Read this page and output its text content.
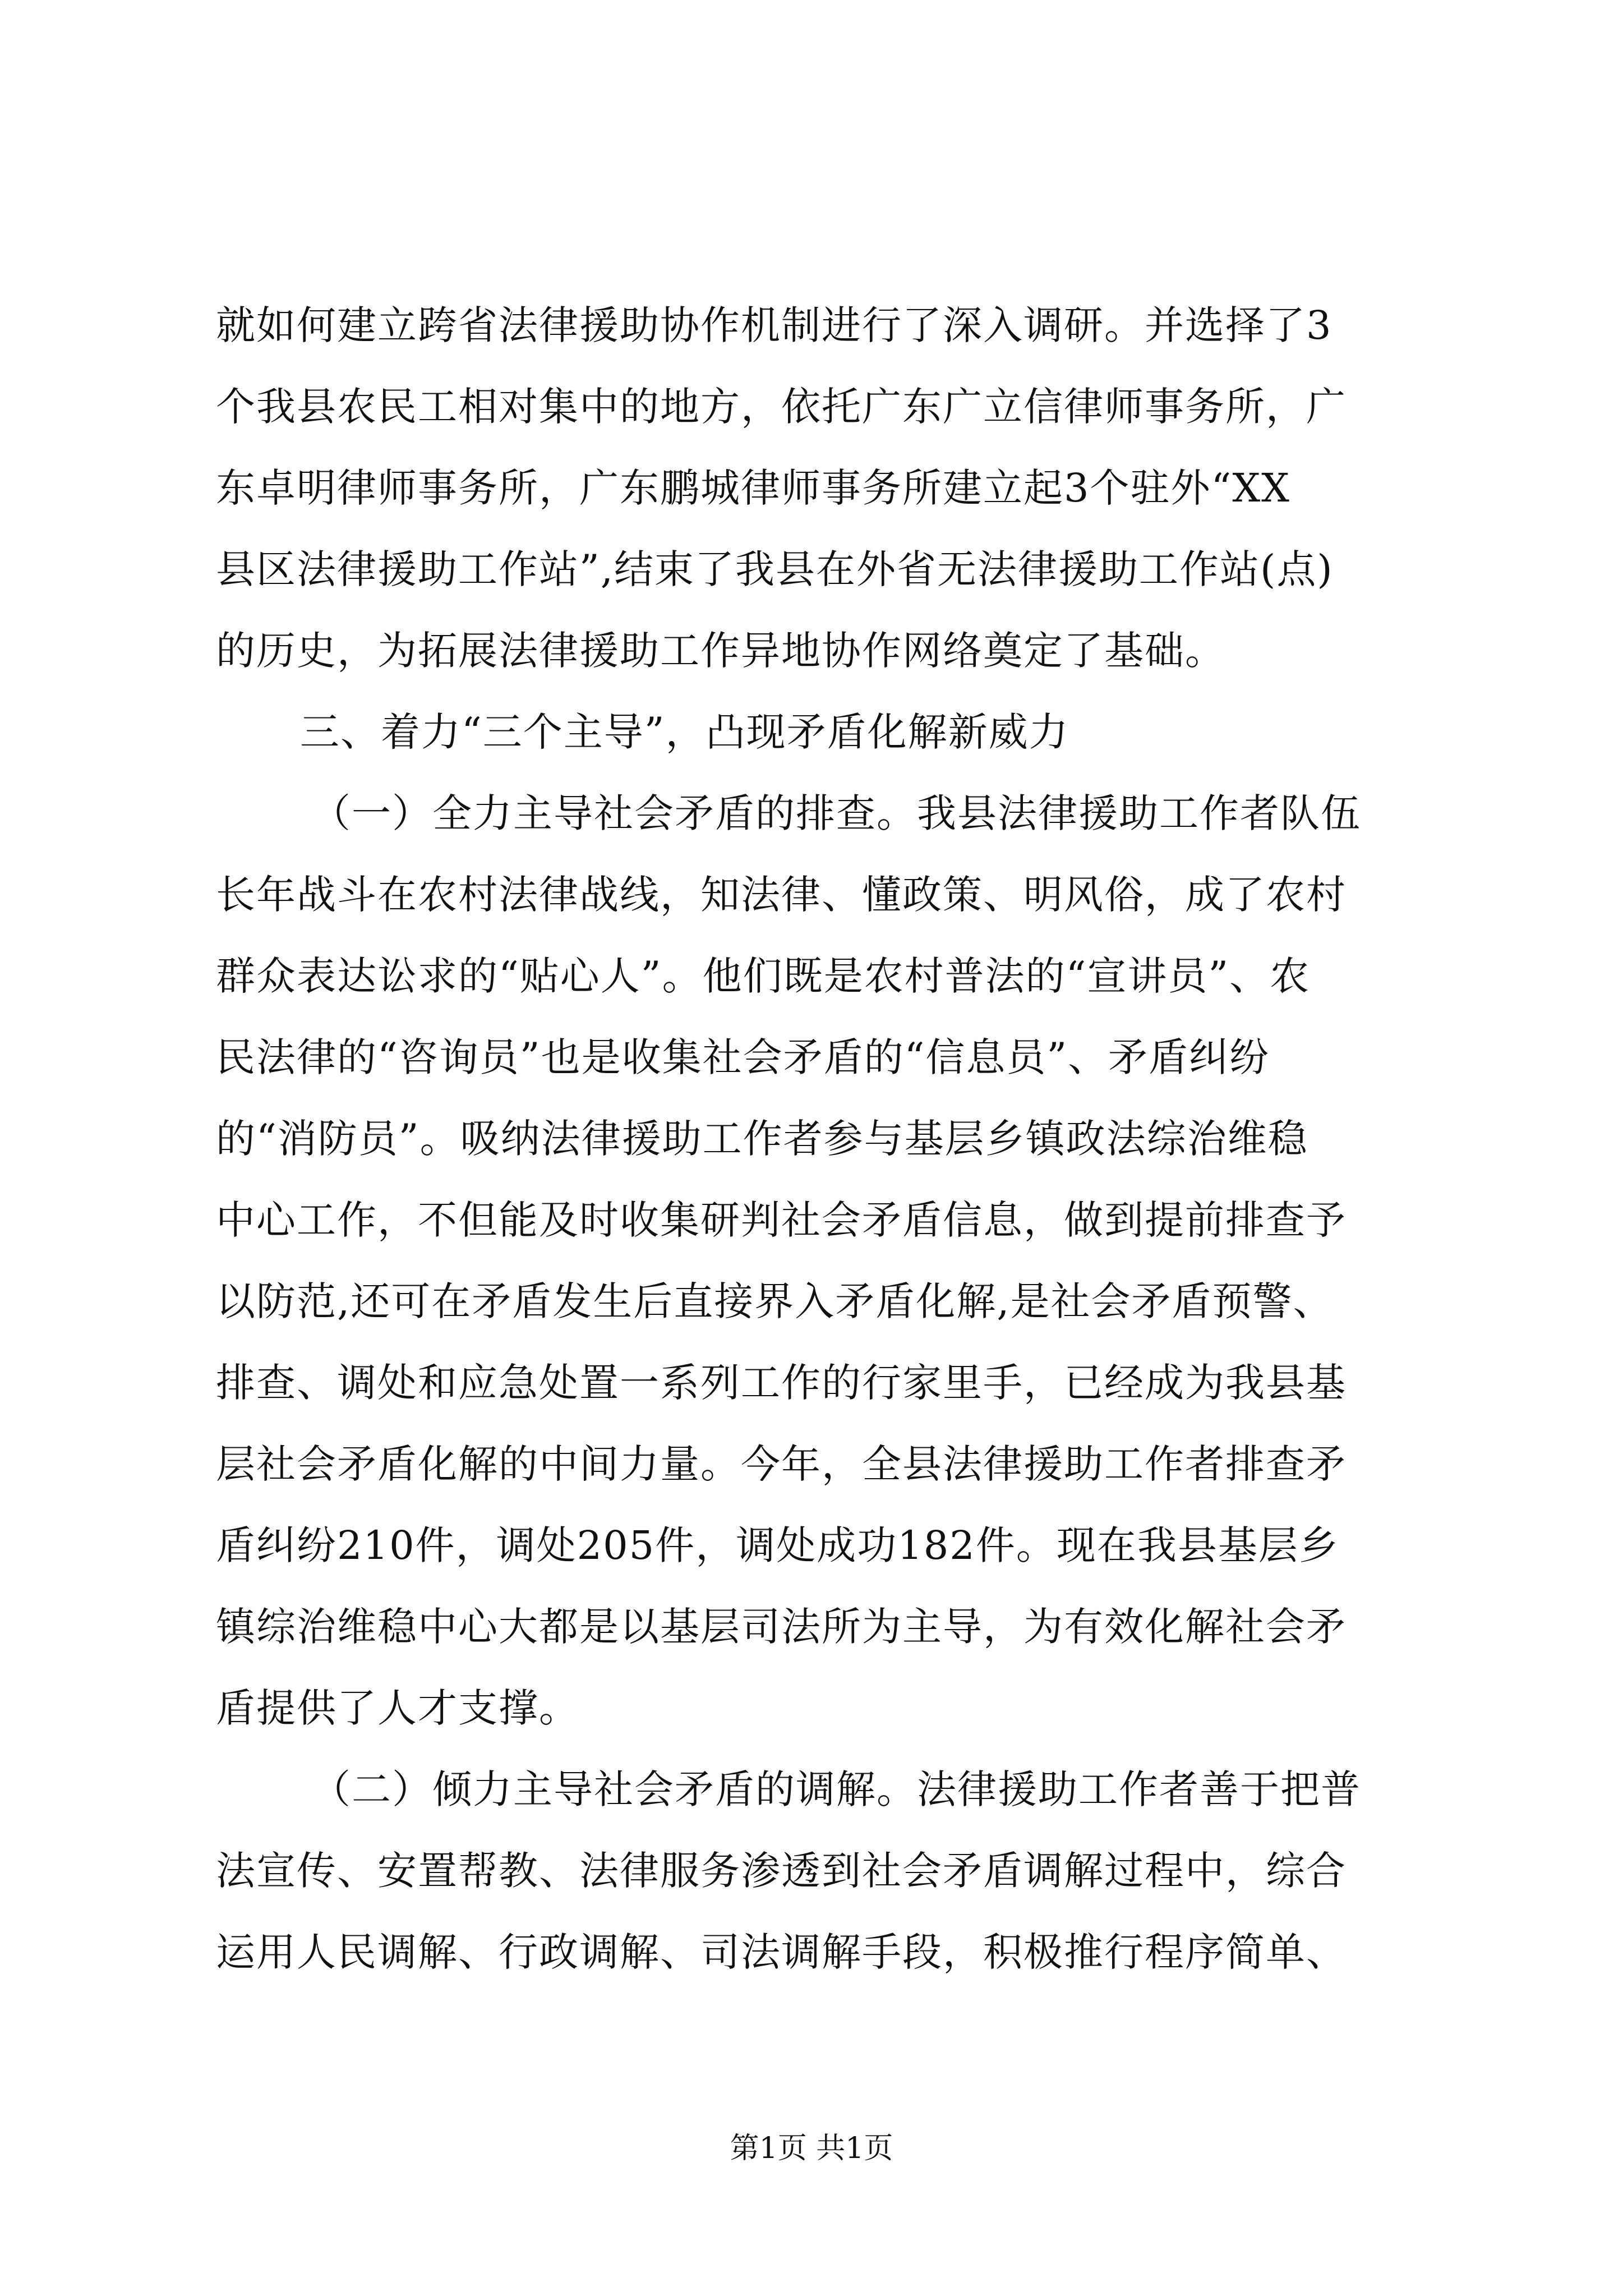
就如何建立跨省法律援助协作机制进行了深入调研。并选择了3
个我县农民工相对集中的地方，依托广东广立信律师事务所，广
东卓明律师事务所，广东鹏城律师事务所建立起3个驻外“XX
县区法律援助工作站”,结束了我县在外省无法律援助工作站(点)
的历史，为拓展法律援助工作异地协作网络奠定了基础。
三、着力“三个主导”，凸现矛盾化解新威力
（一）全力主导社会矛盾的排查。我县法律援助工作者队伍
长年战斗在农村法律战线，知法律、懂政策、明风俗，成了农村
群众表达讼求的“贴心人”。他们既是农村普法的“宣讲员”、农
民法律的“咨询员”也是收集社会矛盾的“信息员”、矛盾纠纷
的“消防员”。吸纳法律援助工作者参与基层乡镇政法综治维稳
中心工作，不但能及时收集研判社会矛盾信息，做到提前排查予
以防范,还可在矛盾发生后直接界入矛盾化解,是社会矛盾预警、
排查、调处和应急处置一系列工作的行家里手，已经成为我县基
层社会矛盾化解的中间力量。今年，全县法律援助工作者排查矛
盾纠纷210件，调处205件，调处成功182件。现在我县基层乡
镇综治维稳中心大都是以基层司法所为主导，为有效化解社会矛
盾提供了人才支撑。
（二）倾力主导社会矛盾的调解。法律援助工作者善于把普
法宣传、安置帮教、法律服务渗透到社会矛盾调解过程中，综合
运用人民调解、行政调解、司法调解手段，积极推行程序简单、
第1页 共1页
